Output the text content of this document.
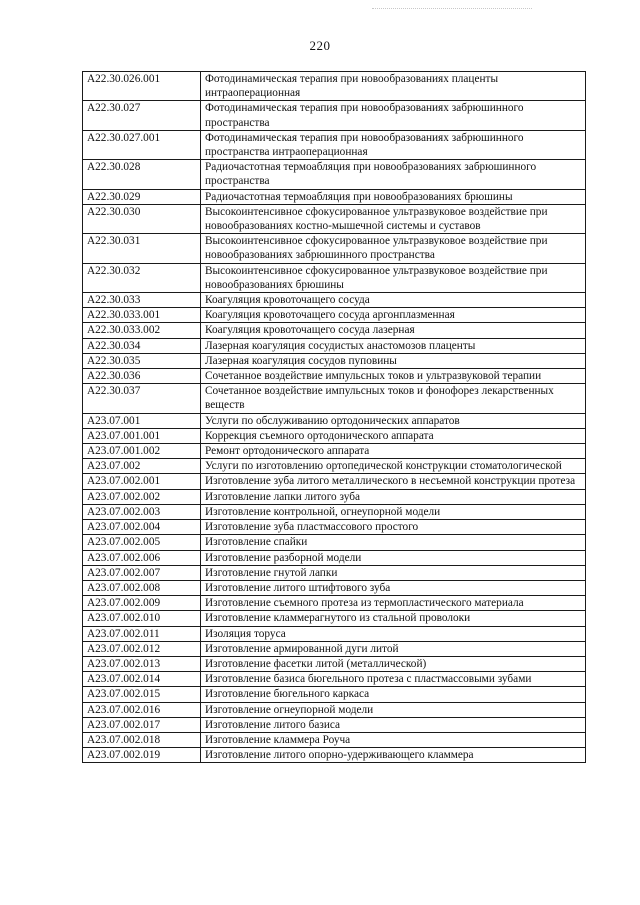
220
A22.30.026.001	Фотодинамическая терапия при новообразованиях плаценты интраоперационная
A22.30.027	Фотодинамическая терапия при новообразованиях забрюшинного пространства
A22.30.027.001	Фотодинамическая терапия при новообразованиях забрюшинного пространства интраоперационная
A22.30.028	Радиочастотная термоабляция при новообразованиях забрюшинного пространства
A22.30.029	Радиочастотная термоабляция при новообразованиях брюшины
A22.30.030	Высокоинтенсивное сфокусированное ультразвуковое воздействие при новообразованиях костно-мышечной системы и суставов
A22.30.031	Высокоинтенсивное сфокусированное ультразвуковое воздействие при новообразованиях забрюшинного пространства
A22.30.032	Высокоинтенсивное сфокусированное ультразвуковое воздействие при новообразованиях брюшины
A22.30.033	Коагуляция кровоточащего сосуда
A22.30.033.001	Коагуляция кровоточащего сосуда аргонплазменная
A22.30.033.002	Коагуляция кровоточащего сосуда лазерная
A22.30.034	Лазерная коагуляция сосудистых анастомозов плаценты
A22.30.035	Лазерная коагуляция сосудов пуповины
A22.30.036	Сочетанное воздействие импульсных токов и ультразвуковой терапии
A22.30.037	Сочетанное воздействие импульсных токов и фонофорез лекарственных веществ
A23.07.001	Услуги по обслуживанию ортодонических аппаратов
A23.07.001.001	Коррекция съемного ортодонического аппарата
A23.07.001.002	Ремонт ортодонического аппарата
A23.07.002	Услуги по изготовлению ортопедической конструкции стоматологической
A23.07.002.001	Изготовление зуба литого металлического в несъемной конструкции протеза
A23.07.002.002	Изготовление лапки литого зуба
A23.07.002.003	Изготовление контрольной, огнеупорной модели
A23.07.002.004	Изготовление зуба пластмассового простого
A23.07.002.005	Изготовление спайки
A23.07.002.006	Изготовление разборной модели
A23.07.002.007	Изготовление гнутой лапки
A23.07.002.008	Изготовление литого штифтового зуба
A23.07.002.009	Изготовление съемного протеза из термопластического материала
A23.07.002.010	Изготовление кламмерагнутого из стальной проволоки
A23.07.002.011	Изоляция торуса
A23.07.002.012	Изготовление армированной дуги литой
A23.07.002.013	Изготовление фасетки литой (металлической)
A23.07.002.014	Изготовление базиса бюгельного протеза с пластмассовыми зубами
A23.07.002.015	Изготовление бюгельного каркаса
A23.07.002.016	Изготовление огнеупорной модели
A23.07.002.017	Изготовление литого базиса
A23.07.002.018	Изготовление кламмера Роуча
A23.07.002.019	Изготовление литого опорно-удерживающего кламмера
